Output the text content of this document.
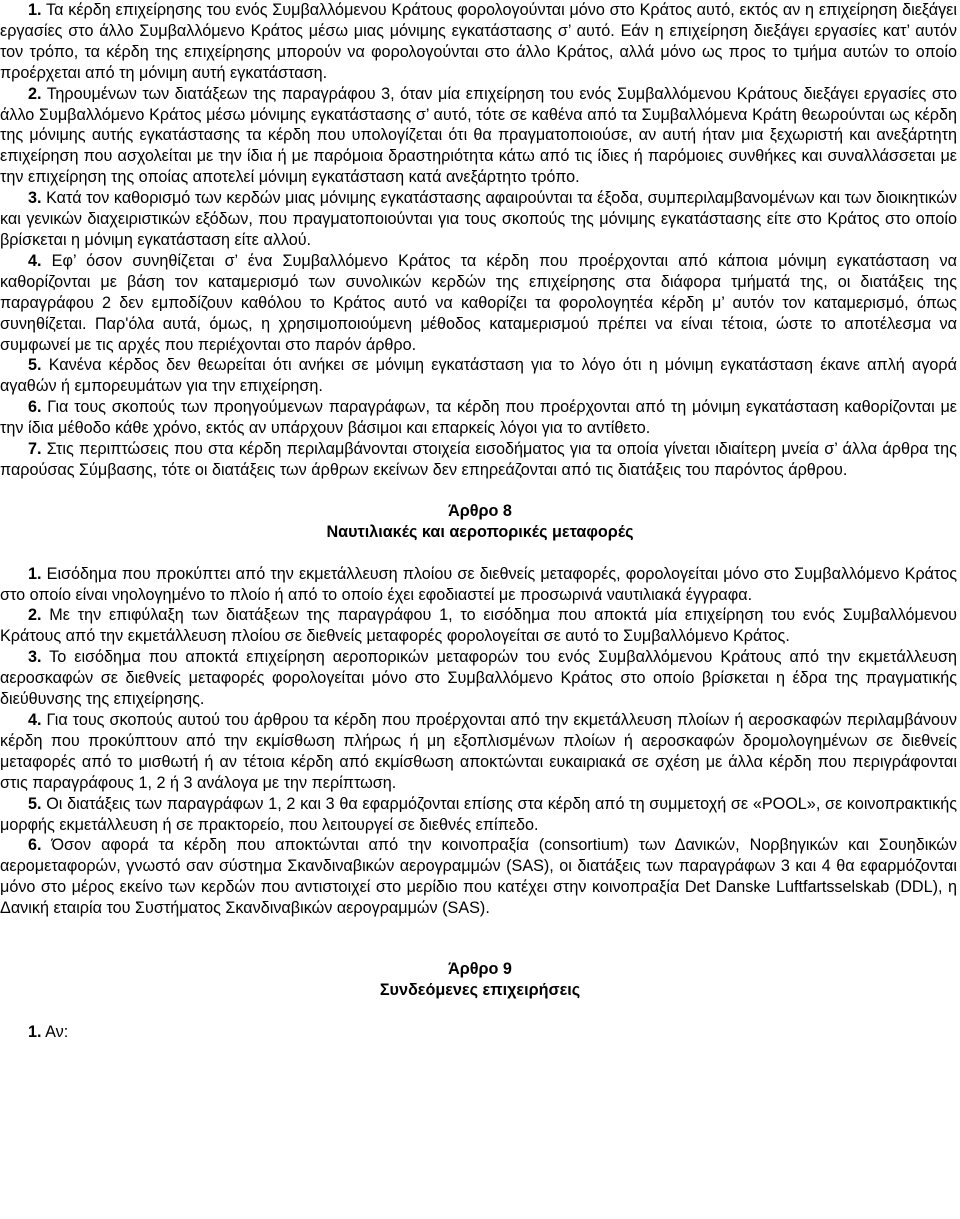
1. Τα κέρδη επιχείρησης του ενός Συμβαλλόμενου Κράτους φορολογούνται μόνο στο Κράτος αυτό, εκτός αν η επιχείρηση διεξάγει εργασίες στο άλλο Συμβαλλόμενο Κράτος μέσω μιας μόνιμης εγκατάστασης σ’ αυτό. Εάν η επιχείρηση διεξάγει εργασίες κατ’ αυτόν τον τρόπο, τα κέρδη της επιχείρησης μπορούν να φορολογούνται στο άλλο Κράτος, αλλά μόνο ως προς το τμήμα αυτών το οποίο προέρχεται από τη μόνιμη αυτή εγκατάσταση.

2. Τηρουμένων των διατάξεων της παραγράφου 3, όταν μία επιχείρηση του ενός Συμβαλλόμενου Κράτους διεξάγει εργασίες στο άλλο Συμβαλλόμενο Κράτος μέσω μόνιμης εγκατάστασης σ’ αυτό, τότε σε καθένα από τα Συμβαλλόμενα Κράτη θεωρούνται ως κέρδη της μόνιμης αυτής εγκατάστασης τα κέρδη που υπολογίζεται ότι θα πραγματοποιούσε, αν αυτή ήταν μια ξεχωριστή και ανεξάρτητη επιχείρηση που ασχολείται με την ίδια ή με παρόμοια δραστηριότητα κάτω από τις ίδιες ή παρόμοιες συνθήκες και συναλλάσσεται με την επιχείρηση της οποίας αποτελεί μόνιμη εγκατάσταση κατά ανεξάρτητο τρόπο.

3. Κατά τον καθορισμό των κερδών μιας μόνιμης εγκατάστασης αφαιρούνται τα έξοδα, συμπεριλαμβανομένων και των διοικητικών και γενικών διαχειριστικών εξόδων, που πραγματοποιούνται για τους σκοπούς της μόνιμης εγκατάστασης είτε στο Κράτος στο οποίο βρίσκεται η μόνιμη εγκατάσταση είτε αλλού.

4. Εφ’ όσον συνηθίζεται σ’ ένα Συμβαλλόμενο Κράτος τα κέρδη που προέρχονται από κάποια μόνιμη εγκατάσταση να καθορίζονται με βάση τον καταμερισμό των συνολικών κερδών της επιχείρησης στα διάφορα τμήματά της, οι διατάξεις της παραγράφου 2 δεν εμποδίζουν καθόλου το Κράτος αυτό να καθορίζει τα φορολογητέα κέρδη μ’ αυτόν τον καταμερισμό, όπως συνηθίζεται. Παρ'όλα αυτά, όμως, η χρησιμοποιούμενη μέθοδος καταμερισμού πρέπει να είναι τέτοια, ώστε το αποτέλεσμα να συμφωνεί με τις αρχές που περιέχονται στο παρόν άρθρο.

5. Κανένα κέρδος δεν θεωρείται ότι ανήκει σε μόνιμη εγκατάσταση για το λόγο ότι η μόνιμη εγκατάσταση έκανε απλή αγορά αγαθών ή εμπορευμάτων για την επιχείρηση.

6. Για τους σκοπούς των προηγούμενων παραγράφων, τα κέρδη που προέρχονται από τη μόνιμη εγκατάσταση καθορίζονται με την ίδια μέθοδο κάθε χρόνο, εκτός αν υπάρχουν βάσιμοι και επαρκείς λόγοι για το αντίθετο.

7. Στις περιπτώσεις που στα κέρδη περιλαμβάνονται στοιχεία εισοδήματος για τα οποία γίνεται ιδιαίτερη μνεία σ’ άλλα άρθρα της παρούσας Σύμβασης, τότε οι διατάξεις των άρθρων εκείνων δεν επηρεάζονται από τις διατάξεις του παρόντος άρθρου.

Άρθρο 8

Ναυτιλιακές και αεροπορικές μεταφορές

1. Εισόδημα που προκύπτει από την εκμετάλλευση πλοίου σε διεθνείς μεταφορές, φορολογείται μόνο στο Συμβαλλόμενο Κράτος στο οποίο είναι νηολογημένο το πλοίο ή από το οποίο έχει εφοδιαστεί με προσωρινά ναυτιλιακά έγγραφα.

2. Με την επιφύλαξη των διατάξεων της παραγράφου 1, το εισόδημα που αποκτά μία επιχείρηση του ενός Συμβαλλόμενου Κράτους από την εκμετάλλευση πλοίου σε διεθνείς μεταφορές φορολογείται σε αυτό το Συμβαλλόμενο Κράτος.

3. Το εισόδημα που αποκτά επιχείρηση αεροπορικών μεταφορών του ενός Συμβαλλόμενου Κράτους από την εκμετάλλευση αεροσκαφών σε διεθνείς μεταφορές φορολογείται μόνο στο Συμβαλλόμενο Κράτος στο οποίο βρίσκεται η έδρα της πραγματικής διεύθυνσης της επιχείρησης.

4. Για τους σκοπούς αυτού του άρθρου τα κέρδη που προέρχονται από την εκμετάλλευση πλοίων ή αεροσκαφών περιλαμβάνουν κέρδη που προκύπτουν από την εκμίσθωση πλήρως ή μη εξοπλισμένων πλοίων ή αεροσκαφών δρομολογημένων σε διεθνείς μεταφορές από το μισθωτή ή αν τέτοια κέρδη από εκμίσθωση αποκτώνται ευκαιριακά σε σχέση με άλλα κέρδη που περιγράφονται στις παραγράφους 1, 2 ή 3 ανάλογα με την περίπτωση.

5. Οι διατάξεις των παραγράφων 1, 2 και 3 θα εφαρμόζονται επίσης στα κέρδη από τη συμμετοχή σε «POOL», σε κοινοπρακτικής μορφής εκμετάλλευση ή σε πρακτορείο, που λειτουργεί σε διεθνές επίπεδο.

6. Όσον αφορά τα κέρδη που αποκτώνται από την κοινοπραξία (consortium) των Δανικών, Νορβηγικών και Σουηδικών αερομεταφορών, γνωστό σαν σύστημα Σκανδιναβικών αερογραμμών (SAS), οι διατάξεις των παραγράφων 3 και 4 θα εφαρμόζονται μόνο στο μέρος εκείνο των κερδών που αντιστοιχεί στο μερίδιο που κατέχει στην κοινοπραξία Det Danske Luftfartsselskab (DDL), η Δανική εταιρία του Συστήματος Σκανδιναβικών αερογραμμών (SAS).

Άρθρο 9

Συνδεόμενες επιχειρήσεις

1. Αν:
